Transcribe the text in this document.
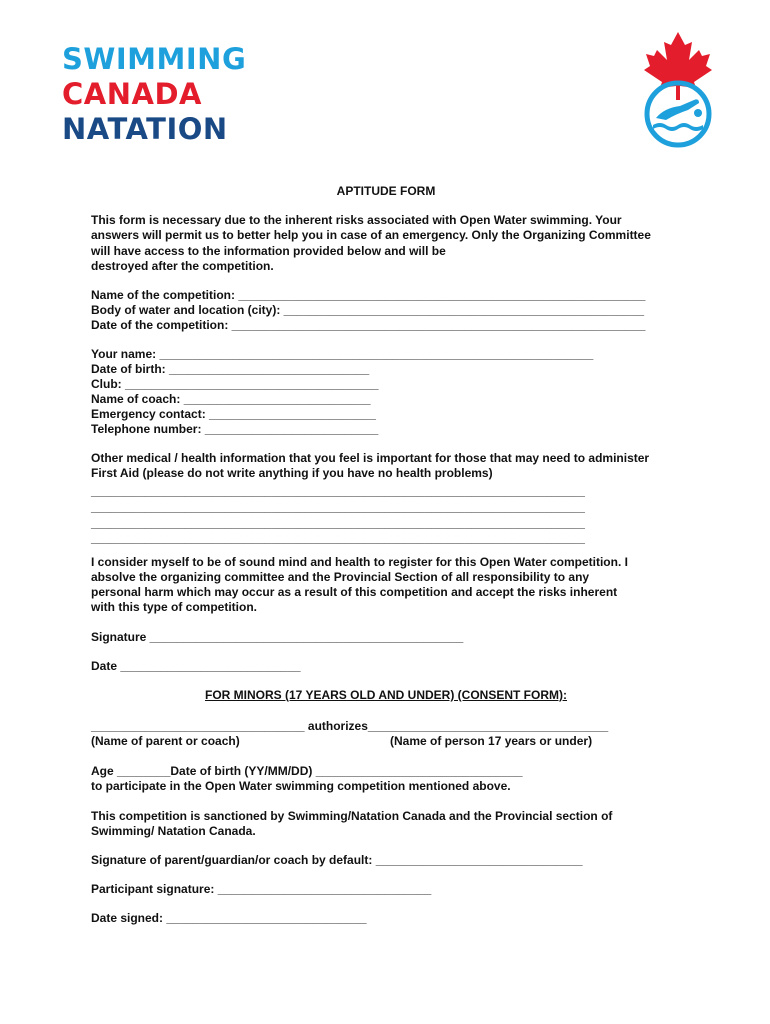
SWIMMING
CANADA
NATATION
APTITUDE FORM
This form is necessary due to the inherent risks associated with Open Water swimming. Your
answers will permit us to better help you in case of an emergency. Only the Organizing Committee
will have access to the information provided below and will be
destroyed after the competition.
Name of the competition: _____________________________________________________________
Body of water and location (city): ______________________________________________________
Date of the competition: ______________________________________________________________
Your name: _________________________________________________________________
Date of birth: ______________________________
Club: ______________________________________
Name of coach: ____________________________
Emergency contact: _________________________
Telephone number: __________________________
Other medical / health information that you feel is important for those that may need to administer
First Aid (please do not write anything if you have no health problems)
__________________________________________________________________________
__________________________________________________________________________
__________________________________________________________________________
__________________________________________________________________________
I consider myself to be of sound mind and health to register for this Open Water competition. I
absolve the organizing committee and the Provincial Section of all responsibility to any
personal harm which may occur as a result of this competition and accept the risks inherent
with this type of competition.
Signature _______________________________________________
Date ___________________________
FOR MINORS (17 YEARS OLD AND UNDER) (CONSENT FORM):
________________________________ authorizes____________________________________
(Name of parent or coach)	(Name of person 17 years or under)
Age ________Date of birth (YY/MM/DD) _______________________________
to participate in the Open Water swimming competition mentioned above.
This competition is sanctioned by Swimming/Natation Canada and the Provincial section of
Swimming/ Natation Canada.
Signature of parent/guardian/or coach by default: _______________________________
Participant signature: ________________________________
Date signed: ______________________________
